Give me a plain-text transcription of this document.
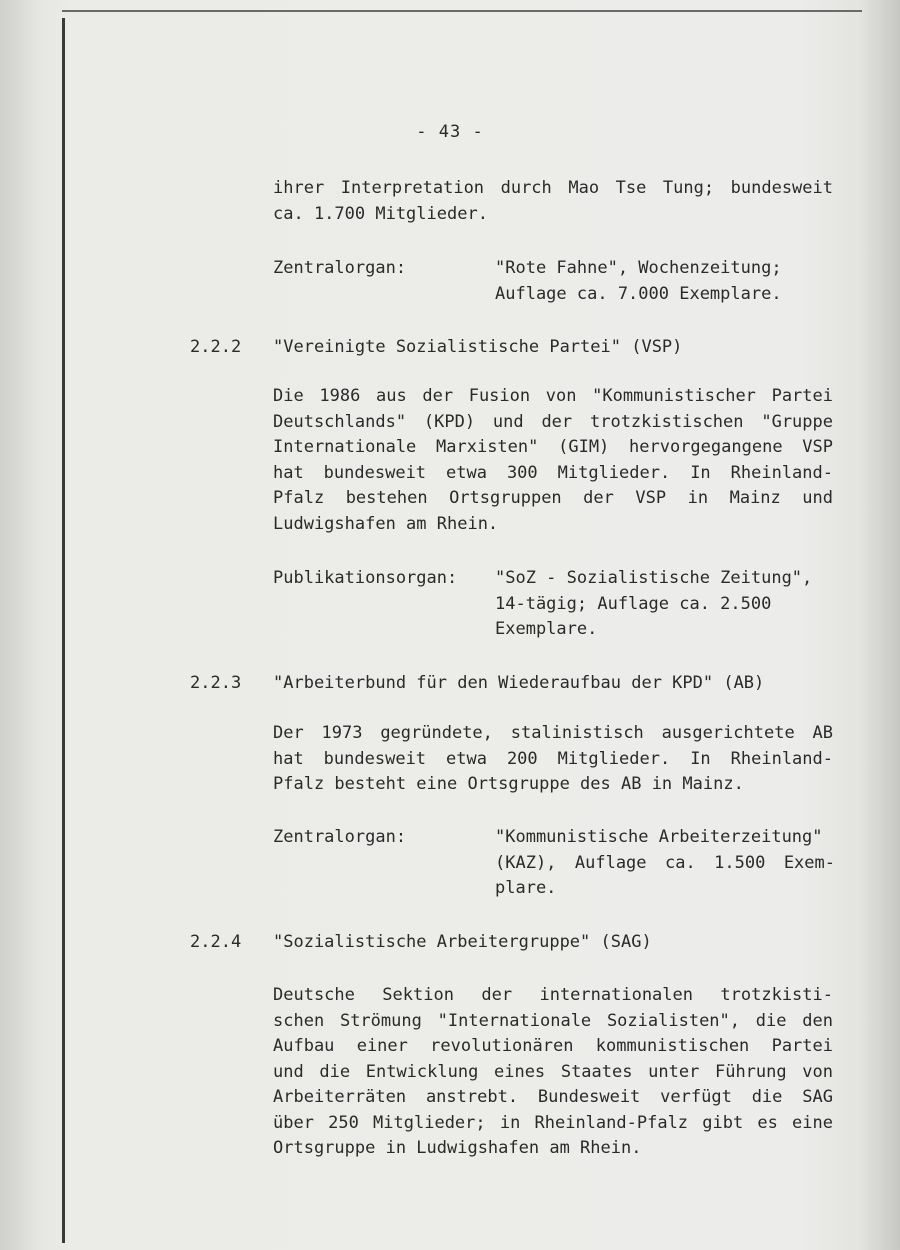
- 43 -
ihrer Interpretation durch Mao Tse Tung; bundesweit
ca. 1.700 Mitglieder.
Zentralorgan:	"Rote Fahne", Wochenzeitung;
Auflage ca. 7.000 Exemplare.
2.2.2 "Vereinigte Sozialistische Partei" (VSP)
Die 1986 aus der Fusion von "Kommunistischer Partei
Deutschlands" (KPD) und der trotzkistischen "Gruppe
Internationale Marxisten" (GIM) hervorgegangene VSP
hat bundesweit etwa 300 Mitglieder. In Rheinland-
Pfalz bestehen Ortsgruppen der VSP in Mainz und
Ludwigshafen am Rhein.
Publikationsorgan: "SoZ - Sozialistische Zeitung",
14-tägig; Auflage ca. 2.500
Exemplare.
2.2.3 "Arbeiterbund für den Wiederaufbau der KPD" (AB)
Der 1973 gegründete, stalinistisch ausgerichtete AB
hat bundesweit etwa 200 Mitglieder. In Rheinland-
Pfalz besteht eine Ortsgruppe des AB in Mainz.
Zentralorgan:	"Kommunistische Arbeiterzeitung"
(KAZ), Auflage ca. 1.500 Exem-
plare.
2.2.4 "Sozialistische Arbeitergruppe" (SAG)
Deutsche Sektion der internationalen trotzkisti-
schen Strömung "Internationale Sozialisten", die den
Aufbau einer revolutionären kommunistischen Partei
und die Entwicklung eines Staates unter Führung von
Arbeiterräten anstrebt. Bundesweit verfügt die SAG
über 250 Mitglieder; in Rheinland-Pfalz gibt es eine
Ortsgruppe in Ludwigshafen am Rhein.
